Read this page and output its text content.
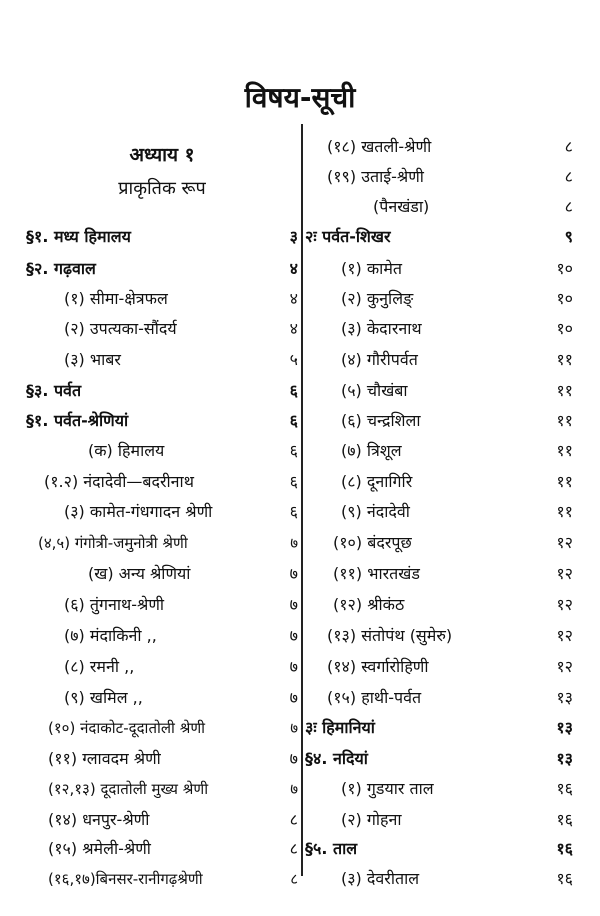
विषय-सूची
अध्याय १
प्राकृतिक रूप
§१. मध्य हिमालय	३
§२. गढ़वाल	४
(१) सीमा-क्षेत्रफल	४
(२) उपत्यका-सौंदर्य	४
(३) भाबर	५
§३. पर्वत	६
§१. पर्वत-श्रेणियां	६
(क) हिमालय	६
(१.२) नंदादेवी—बदरीनाथ	६
(३) कामेत-गंधगादन श्रेणी	६
(४,५) गंगोत्री-जमुनोत्री श्रेणी	७
(ख) अन्य श्रेणियां	७
(६) तुंगनाथ-श्रेणी	७
(७) मंदाकिनी ,,	७
(८) रमनी ,,	७
(९) खमिल ,,	७
(१०) नंदाकोट-दूदातोली श्रेणी	७
(११) ग्लावदम श्रेणी	७
(१२,१३) दूदातोली मुख्य श्रेणी	७
(१४) धनपुर-श्रेणी	८
(१५) श्रमेली-श्रेणी	८
(१६,१७)बिनसर-रानीगढ़श्रेणी	८
(१८) खतली-श्रेणी	८
(१९) उताई-श्रेणी	८
(पैनखंडा)	८
२ः पर्वत-शिखर	९
(१) कामेत	१०
(२) कुनुलिङ्	१०
(३) केदारनाथ	१०
(४) गौरीपर्वत	११
(५) चौखंबा	११
(६) चन्द्रशिला	११
(७) त्रिशूल	११
(८) दूनागिरि	११
(९) नंदादेवी	११
(१०) बंदरपूछ	१२
(११) भारतखंड	१२
(१२) श्रीकंठ	१२
(१३) संतोपंथ (सुमेरु)	१२
(१४) स्वर्गारोहिणी	१२
(१५) हाथी-पर्वत	१३
३ः हिमानियां	१३
§४. नदियां	१३
(१) गुडयार ताल	१६
(२) गोहना	१६
§५. ताल	१६
(३) देवरीताल	१६
